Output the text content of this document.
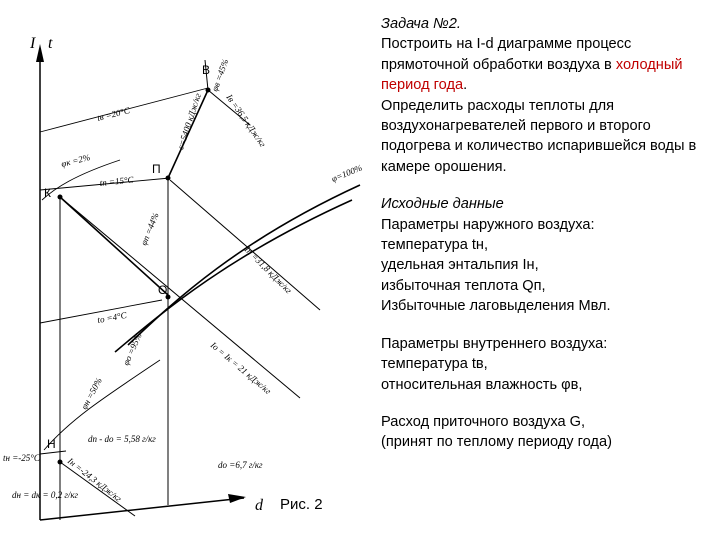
I t
d
К
П
В
О
Н
tв =20°C
φв =45%
Iв =36,5 кДж/кг
ε=5400 кДж/кг
φк =2%
tп =15°C
φп =44%
φ=100%
Iп =31,8 кДж/кг
tо =4°C
φо =95%	Iо = Iк = 21 кДж/кг
φн =50%
dп - dо = 5,58 г/кг
tн =-25°C	Iн =-24,3 кДж/кг	dо =6,7 г/кг
dн = dк = 0,2 г/кг
Рис. 2

Задача №2.

Построить на I-d диаграмме процесс прямоточной обработки воздуха в холодный период года.

Определить расходы теплоты для воздухонагревателей первого и второго подогрева и количество испарившейся воды в камере орошения.

Исходные данные

Параметры наружного воздуха:

температура tн,

удельная энтальпия Iн,

избыточная теплота Qп,

Избыточные лаговыделения Mвл.

Параметры внутреннего воздуха:

температура tв,

относительная влажность φв,

Расход приточного воздуха G,

(принят по теплому периоду года)
